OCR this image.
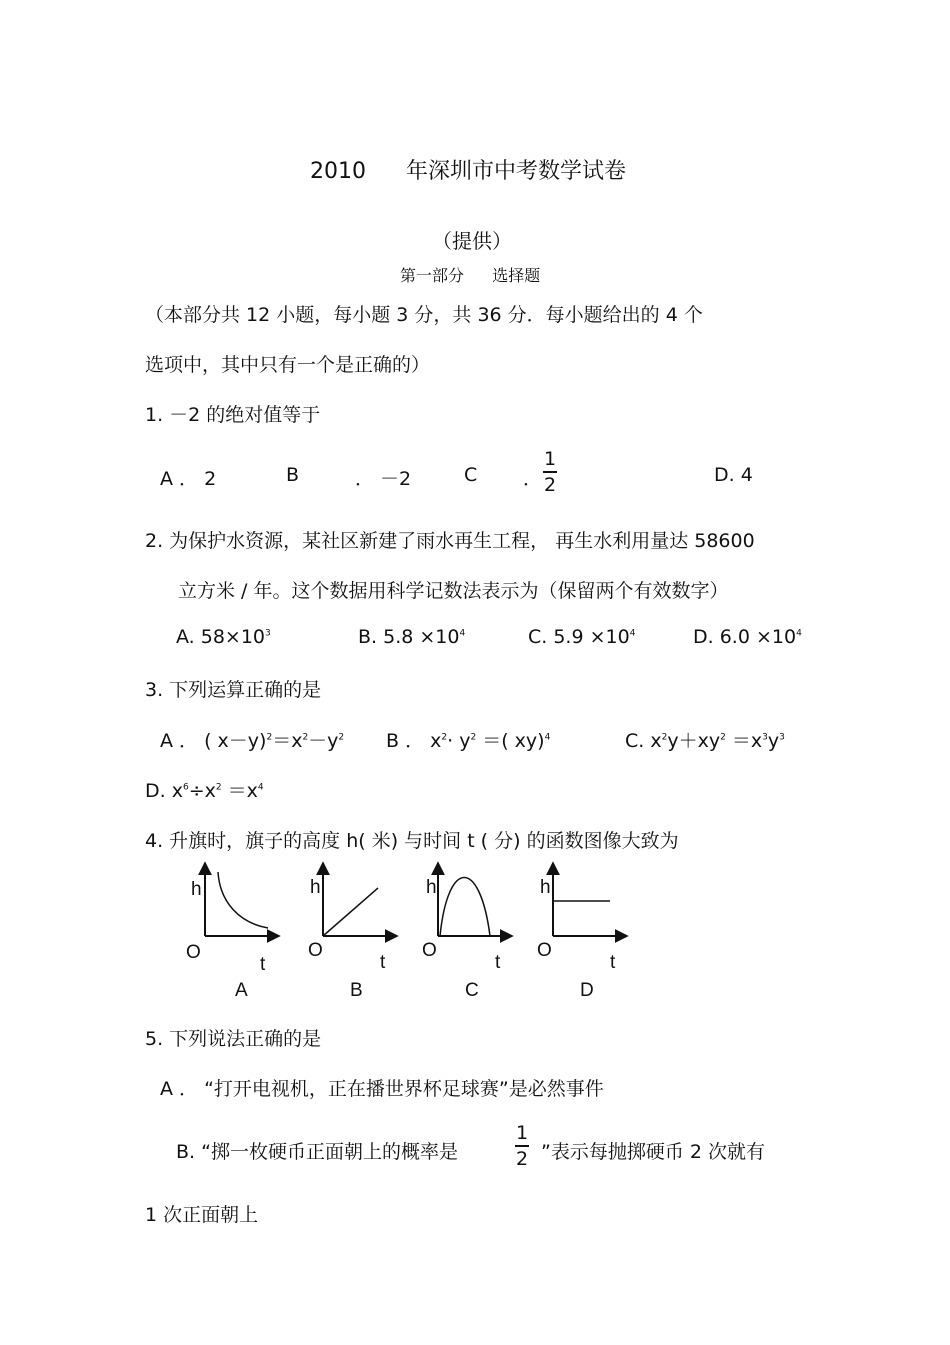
2010 年深圳市中考数学试卷
（提供）
第一部分 选择题
（本部分共 12 小题，每小题 3 分，共 36 分．每小题给出的 4 个
选项中，其中只有一个是正确的）
1. －2 的绝对值等于
A ． 2	B	． －2	C ．
1
2	D. 4
2. 为保护水资源，某社区新建了雨水再生工程， 再生水利用量达 58600
立方米 / 年。这个数据用科学记数法表示为（保留两个有效数字）
A. $58\times 10^3$	B. $5.8 \times 10^4$	C. $5.9 \times 10^4$	D. $6.0 \times 10^4$
3. 下列运算正确的是
A ． ( $x-y)^2=x^2-y^2$ B ． $x^2\cdot y^2$ ＝( xy)$^4$	C. $x^2y+xy^2 =x^3y^3$
D. $x^6\div x^2 =x^4$
4. 升旗时，旗子的高度 h( 米) 与时间 t ( 分) 的函数图像大致为
h
O
t
A
h
O
t
B
h
O
t
C
h
O
t
D
5. 下列说法正确的是
A ． “打开电视机，正在播世界杯足球赛”是必然事件
B. “掷一枚硬币正面朝上的概率是
1
2 ”表示每抛掷硬币 2 次就有
1 次正面朝上
